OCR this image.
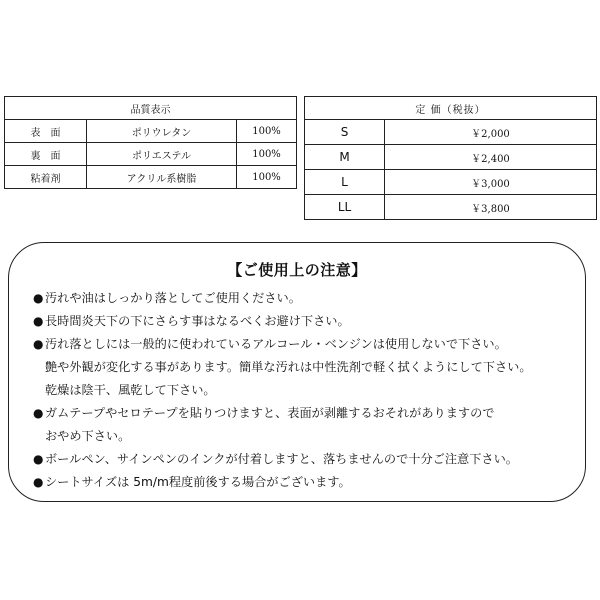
品質表示		
表　面	ポリウレタン	100%
裏　面	ポリエステル	100%
粘着剤	アクリル系樹脂	100%
定 価（税抜）	
S	￥2,000
M	￥2,400
L	￥3,000
LL	￥3,800
【ご使用上の注意】
● 汚れや油はしっかり落としてご使用ください。
● 長時間炎天下の下にさらす事はなるべくお避け下さい。
● 汚れ落としには一般的に使われているアルコール・ベンジンは使用しないで下さい。
艶や外観が変化する事があります。簡単な汚れは中性洗剤で軽く拭くようにして下さい。
乾燥は陰干、風乾して下さい。
● ガムテープやセロテープを貼りつけますと、表面が剥離するおそれがありますので
おやめ下さい。
● ボールペン、サインペンのインクが付着しますと、落ちませんので十分ご注意下さい。
● シートサイズは 5m/m程度前後する場合がございます。
